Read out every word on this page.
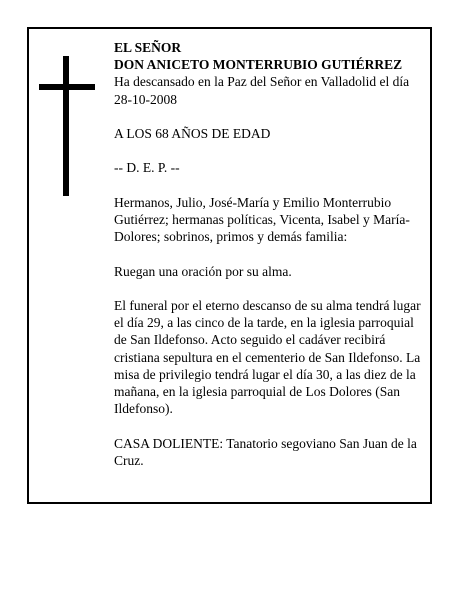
EL SEÑOR

DON ANICETO MONTERRUBIO GUTIÉRREZ

Ha descansado en la Paz del Señor en Valladolid el día 28-10-2008

A LOS 68 AÑOS DE EDAD

-- D. E. P. --

Hermanos, Julio, José-María y Emilio Monterrubio Gutiérrez; hermanas políticas, Vicenta, Isabel y María-Dolores; sobrinos, primos y demás familia:

Ruegan una oración por su alma.

El funeral por el eterno descanso de su alma tendrá lugar el día 29, a las cinco de la tarde, en la iglesia parroquial de San Ildefonso. Acto seguido el cadáver recibirá cristiana sepultura en el cementerio de San Ildefonso. La misa de privilegio tendrá lugar el día 30, a las diez de la mañana, en la iglesia parroquial de Los Dolores (San Ildefonso).

CASA DOLIENTE: Tanatorio segoviano San Juan de la Cruz.
